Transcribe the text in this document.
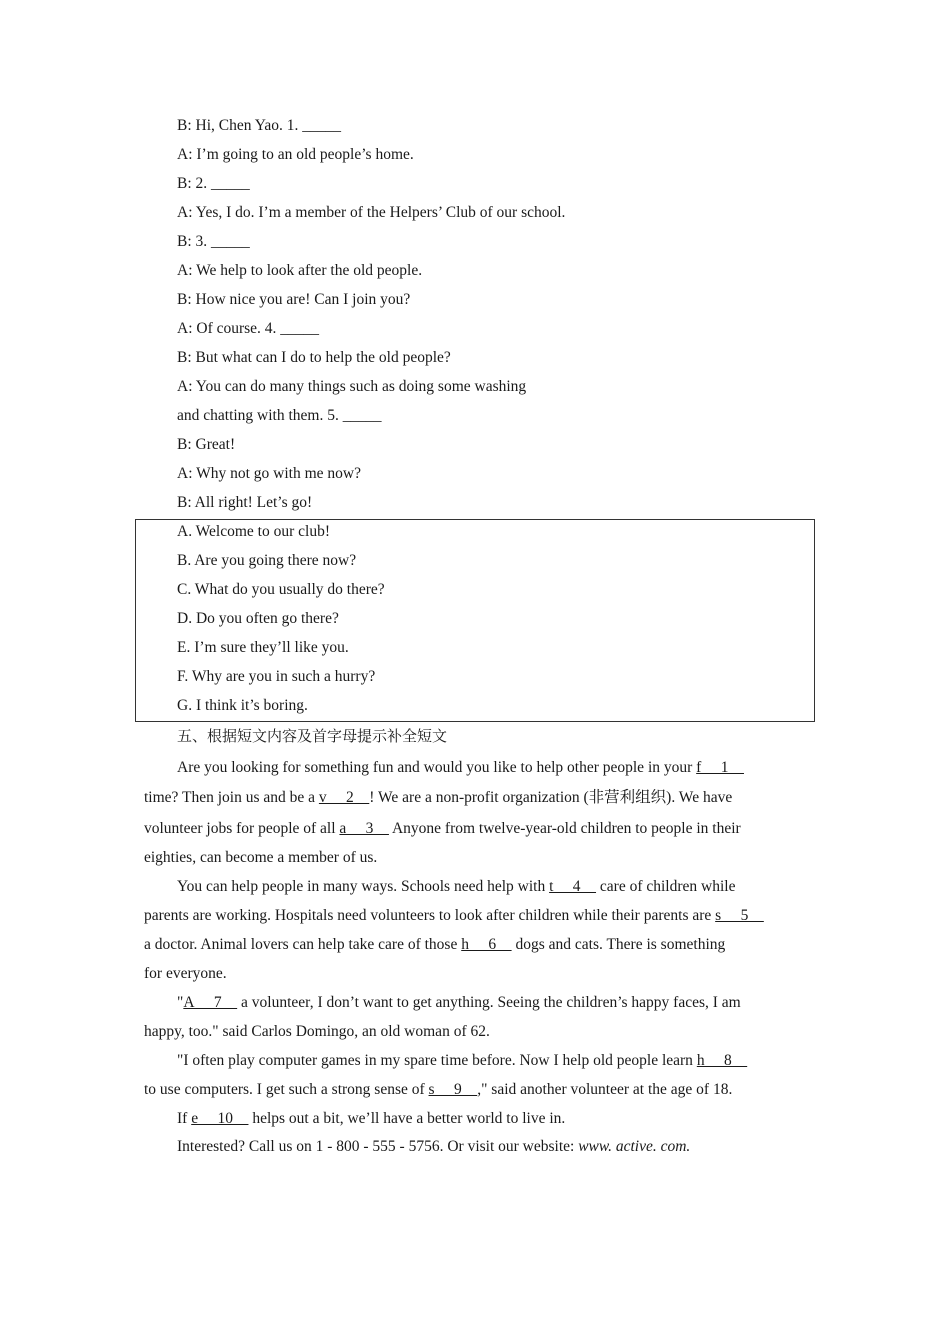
B: Hi, Chen Yao. 1. _____
A: I’m going to an old people’s home.
B: 2. _____
A: Yes, I do. I’m a member of the Helpers’ Club of our school.
B: 3. _____
A: We help to look after the old people.
B: How nice you are! Can I join you?
A: Of course. 4. _____
B: But what can I do to help the old people?
A: You can do many things such as doing some washing
and chatting with them. 5. _____
B: Great!
A: Why not go with me now?
B: All right! Let’s go!
A. Welcome to our club!
B. Are you going there now?
C. What do you usually do there?
D. Do you often go there?
E. I’m sure they’ll like you.
F. Why are you in such a hurry?
G. I think it’s boring.
五、根据短文内容及首字母提示补全短文
Are you looking for something fun and would you like to help other people in your f     1
time? Then join us and be a v     2    ! We are a non-profit organization (非营利组织). We have
volunteer jobs for people of all a     3     Anyone from twelve-year-old children to people in their
eighties, can become a member of us.
You can help people in many ways. Schools need help with t     4     care of children while
parents are working. Hospitals need volunteers to look after children while their parents are s     5
a doctor. Animal lovers can help take care of those h     6     dogs and cats. There is something
for everyone.
"A     7     a volunteer, I don’t want to get anything. Seeing the children’s happy faces, I am
happy, too." said Carlos Domingo, an old woman of 62.
"I often play computer games in my spare time before. Now I help old people learn h     8
to use computers. I get such a strong sense of s     9    ," said another volunteer at the age of 18.
If e     10     helps out a bit, we’ll have a better world to live in.
Interested? Call us on 1 - 800 - 555 - 5756. Or visit our website: www. active. com.
